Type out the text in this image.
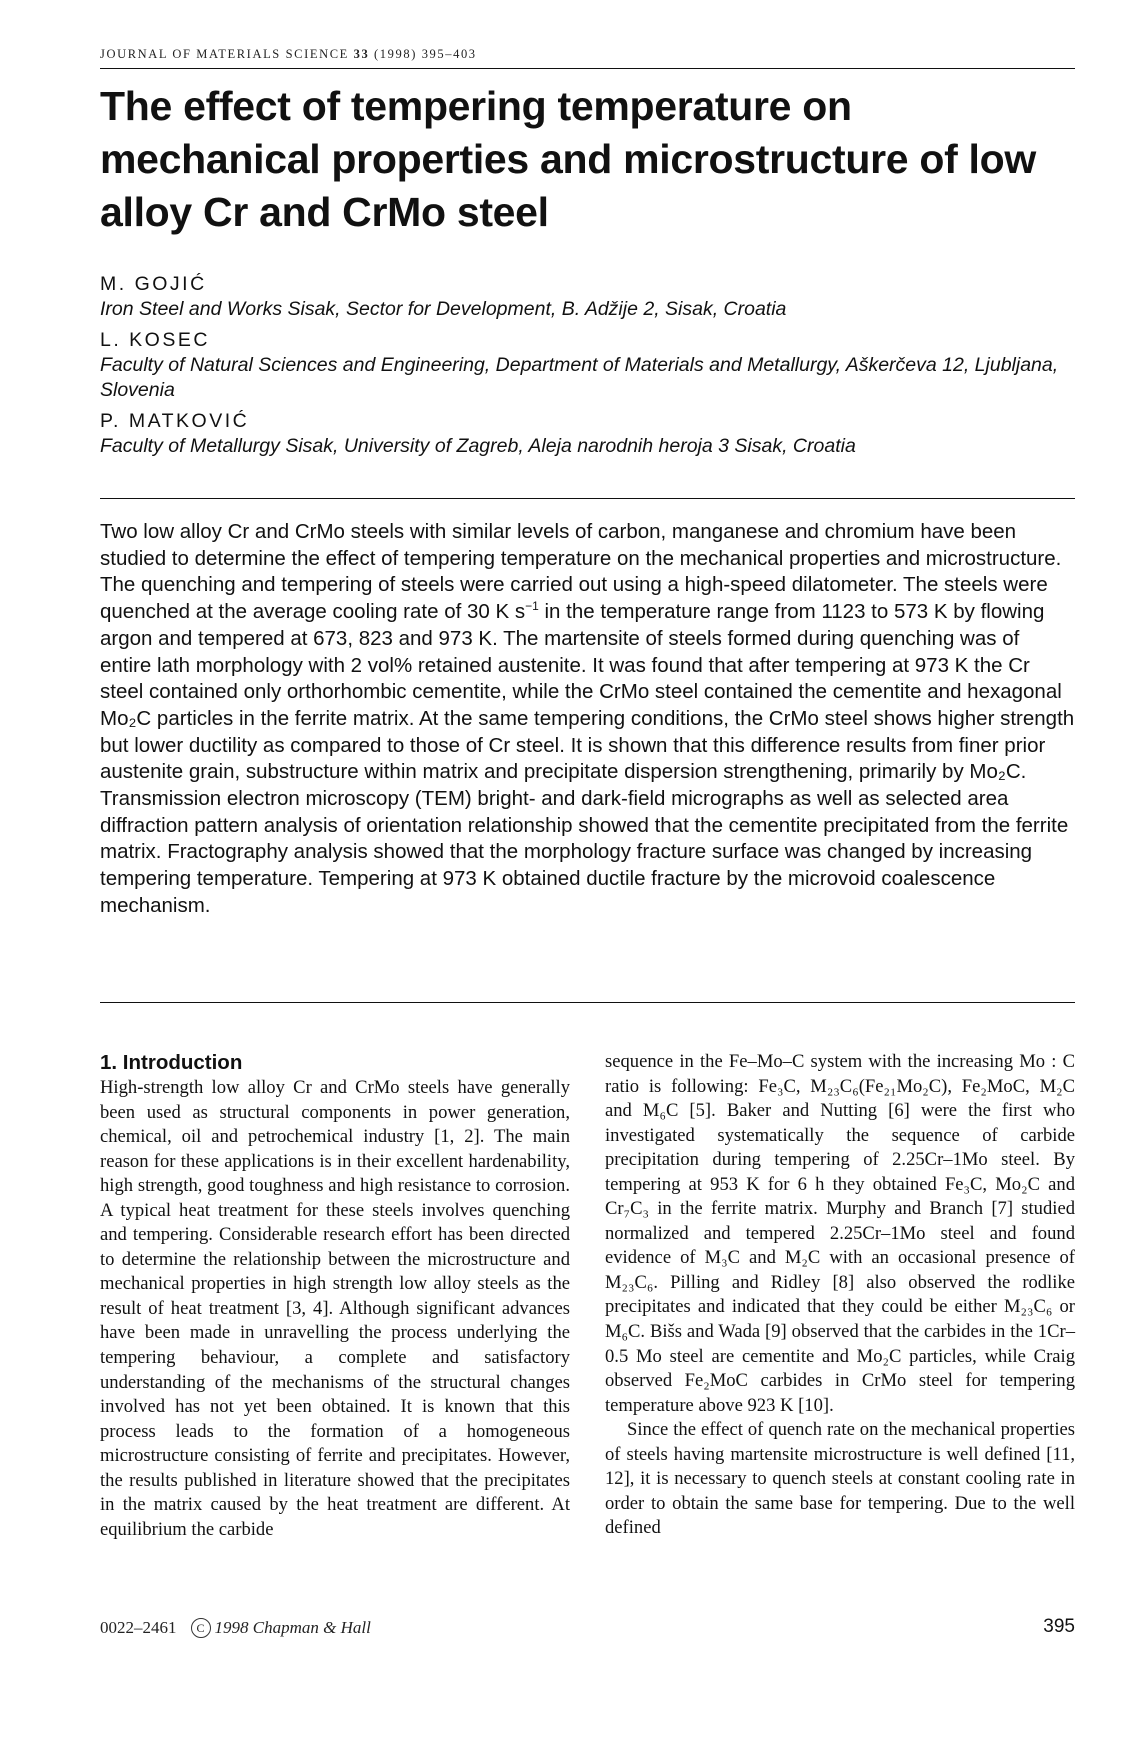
JOURNAL OF MATERIALS SCIENCE 33 (1998) 395–403
The effect of tempering temperature on mechanical properties and microstructure of low alloy Cr and CrMo steel
M. GOJIĆ
Iron Steel and Works Sisak, Sector for Development, B. Adžije 2, Sisak, Croatia
L. KOSEC
Faculty of Natural Sciences and Engineering, Department of Materials and Metallurgy, Aškerčeva 12, Ljubljana, Slovenia
P. MATKOVIĆ
Faculty of Metallurgy Sisak, University of Zagreb, Aleja narodnih heroja 3 Sisak, Croatia

Two low alloy Cr and CrMo steels with similar levels of carbon, manganese and chromium have been studied to determine the effect of tempering temperature on the mechanical properties and microstructure. The quenching and tempering of steels were carried out using a high-speed dilatometer. The steels were quenched at the average cooling rate of 30 K $s^{-1}$ in the temperature range from 1123 to 573 K by flowing argon and tempered at 673, 823 and 973 K. The martensite of steels formed during quenching was of entire lath morphology with 2 vol% retained austenite. It was found that after tempering at 973 K the Cr steel contained only orthorhombic cementite, while the CrMo steel contained the cementite and hexagonal Mo₂C particles in the ferrite matrix. At the same tempering conditions, the CrMo steel shows higher strength but lower ductility as compared to those of Cr steel. It is shown that this difference results from finer prior austenite grain, substructure within matrix and precipitate dispersion strengthening, primarily by Mo₂C. Transmission electron microscopy (TEM) bright- and dark-field micrographs as well as selected area diffraction pattern analysis of orientation relationship showed that the cementite precipitated from the ferrite matrix. Fractography analysis showed that the morphology fracture surface was changed by increasing tempering temperature. Tempering at 973 K obtained ductile fracture by the microvoid coalescence mechanism.

1. Introduction

High-strength low alloy Cr and CrMo steels have generally been used as structural components in power generation, chemical, oil and petrochemical industry [1, 2]. The main reason for these applications is in their excellent hardenability, high strength, good toughness and high resistance to corrosion. A typical heat treatment for these steels involves quenching and tempering. Considerable research effort has been directed to determine the relationship between the microstructure and mechanical properties in high strength low alloy steels as the result of heat treatment [3, 4]. Although significant advances have been made in unravelling the process underlying the tempering behaviour, a complete and satisfactory understanding of the mechanisms of the structural changes involved has not yet been obtained. It is known that this process leads to the formation of a homogeneous microstructure consisting of ferrite and precipitates. However, the results published in literature showed that the precipitates in the matrix caused by the heat treatment are different. At equilibrium the carbide

sequence in the Fe–Mo–C system with the increasing Mo : C ratio is following: Fe₃C, M₂₃C₆(Fe₂₁Mo₂C), Fe₂MoC, M₂C and M₆C [5]. Baker and Nutting [6] were the first who investigated systematically the sequence of carbide precipitation during tempering of 2.25Cr–1Mo steel. By tempering at 953 K for 6 h they obtained Fe₃C, Mo₂C and Cr₇C₃ in the ferrite matrix. Murphy and Branch [7] studied normalized and tempered 2.25Cr–1Mo steel and found evidence of M₃C and M₂C with an occasional presence of M₂₃C₆. Pilling and Ridley [8] also observed the rodlike precipitates and indicated that they could be either M₂₃C₆ or M₆C. Bišs and Wada [9] observed that the carbides in the 1Cr–0.5 Mo steel are cementite and Mo₂C particles, while Craig observed Fe₂MoC carbides in CrMo steel for tempering temperature above 923 K [10].

Since the effect of quench rate on the mechanical properties of steels having martensite microstructure is well defined [11, 12], it is necessary to quench steels at constant cooling rate in order to obtain the same base for tempering. Due to the well defined

0022–2461 C 1998 Chapman & Hall	395
